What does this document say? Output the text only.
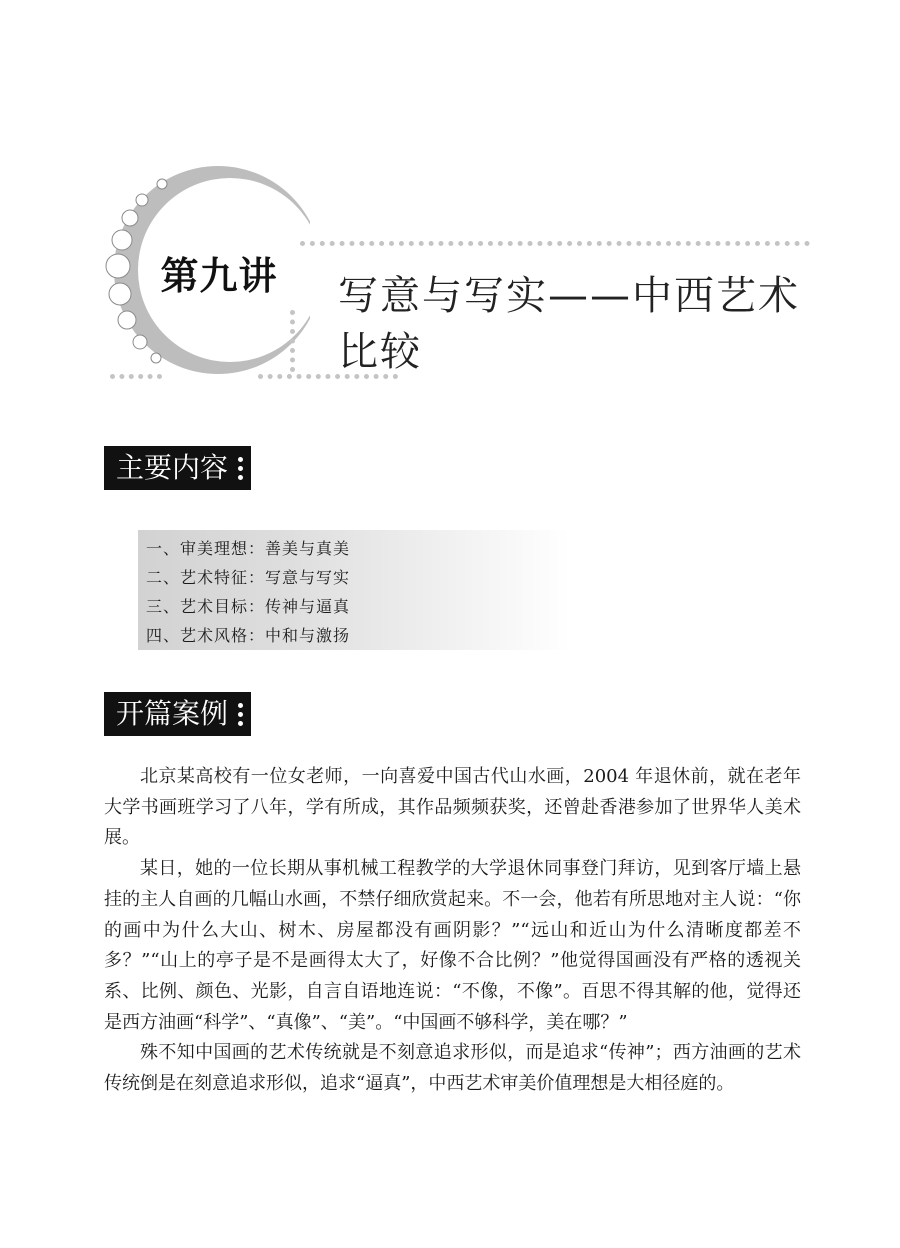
第九讲	写意与写实——中西艺术
比较
主要内容
一、审美理想：善美与真美
二、艺术特征：写意与写实
三、艺术目标：传神与逼真
四、艺术风格：中和与激扬
开篇案例

北京某高校有一位女老师，一向喜爱中国古代山水画，2004 年退休前，就在老年大学书画班学习了八年，学有所成，其作品频频获奖，还曾赴香港参加了世界华人美术展。

某日，她的一位长期从事机械工程教学的大学退休同事登门拜访，见到客厅墙上悬挂的主人自画的几幅山水画，不禁仔细欣赏起来。不一会，他若有所思地对主人说：“你的画中为什么大山、树木、房屋都没有画阴影？”“远山和近山为什么清晰度都差不多？”“山上的亭子是不是画得太大了，好像不合比例？”他觉得国画没有严格的透视关系、比例、颜色、光影，自言自语地连说：“不像，不像”。百思不得其解的他，觉得还是西方油画“科学”、“真像”、“美”。“中国画不够科学，美在哪？”

殊不知中国画的艺术传统就是不刻意追求形似，而是追求“传神”；西方油画的艺术传统倒是在刻意追求形似，追求“逼真”，中西艺术审美价值理想是大相径庭的。
